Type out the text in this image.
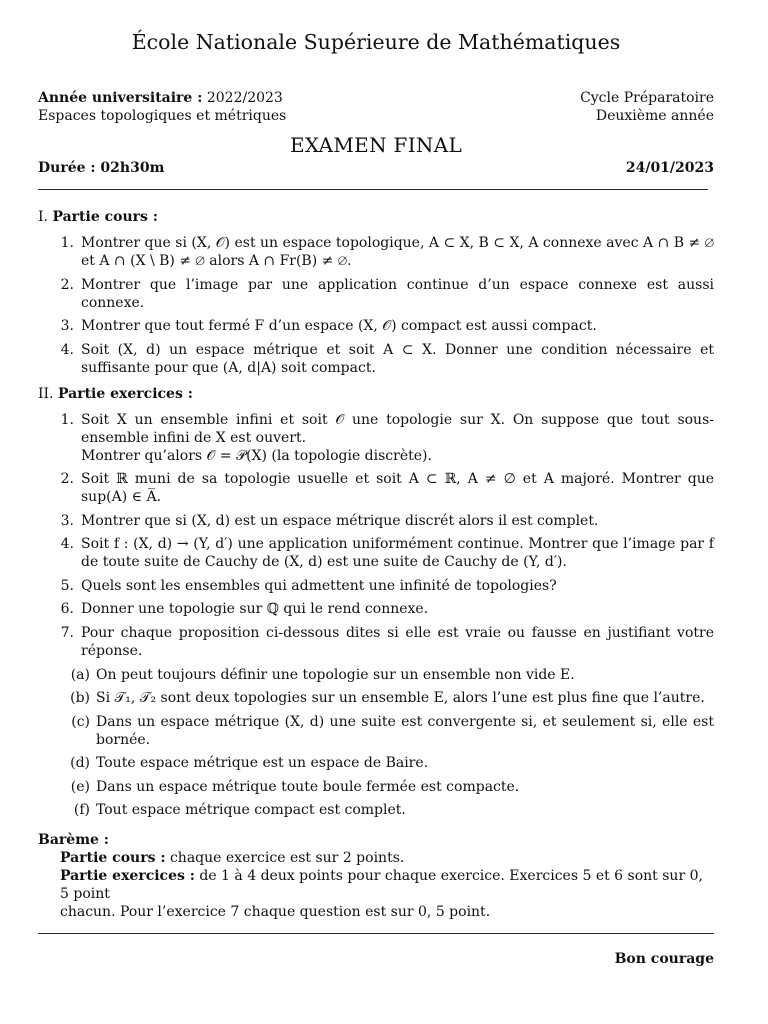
École Nationale Supérieure de Mathématiques
Année universitaire : 2022/2023
Espaces topologiques et métriques
Cycle Préparatoire
Deuxième année
EXAMEN FINAL
Durée : 02h30m	24/01/2023
I. Partie cours :
1. Montrer que si (X, 𝒪) est un espace topologique, A ⊂ X, B ⊂ X, A connexe avec A ∩ B ≠ ∅ et A ∩ (X \ B) ≠ ∅ alors A ∩ Fr(B) ≠ ∅.
2. Montrer que l’image par une application continue d’un espace connexe est aussi connexe.
3. Montrer que tout fermé F d’un espace (X, 𝒪) compact est aussi compact.
4. Soit (X, d) un espace métrique et soit A ⊂ X. Donner une condition nécessaire et suffisante pour que (A, d|A) soit compact.
II. Partie exercices :
1. Soit X un ensemble infini et soit 𝒪 une topologie sur X. On suppose que tout sous-ensemble infini de X est ouvert.
Montrer qu’alors 𝒪 = 𝒫(X) (la topologie discrète).
2. Soit ℝ muni de sa topologie usuelle et soit A ⊂ ℝ, A ≠ ∅ et A majoré. Montrer que sup(A) ∈ A̅.
3. Montrer que si (X, d) est un espace métrique discrét alors il est complet.
4. Soit f : (X, d) → (Y, d′) une application uniformément continue. Montrer que l’image par f de toute suite de Cauchy de (X, d) est une suite de Cauchy de (Y, d′).
5. Quels sont les ensembles qui admettent une infinité de topologies?
6. Donner une topologie sur ℚ qui le rend connexe.
7. Pour chaque proposition ci-dessous dites si elle est vraie ou fausse en justifiant votre réponse.
(a) On peut toujours définir une topologie sur un ensemble non vide E.
(b) Si 𝒯₁, 𝒯₂ sont deux topologies sur un ensemble E, alors l’une est plus fine que l’autre.
(c) Dans un espace métrique (X, d) une suite est convergente si, et seulement si, elle est bornée.
(d) Toute espace métrique est un espace de Baire.
(e) Dans un espace métrique toute boule fermée est compacte.
(f) Tout espace métrique compact est complet.
Barème :
Partie cours : chaque exercice est sur 2 points.
Partie exercices : de 1 à 4 deux points pour chaque exercice. Exercices 5 et 6 sont sur 0, 5 point
chacun. Pour l’exercice 7 chaque question est sur 0, 5 point.
Bon courage
